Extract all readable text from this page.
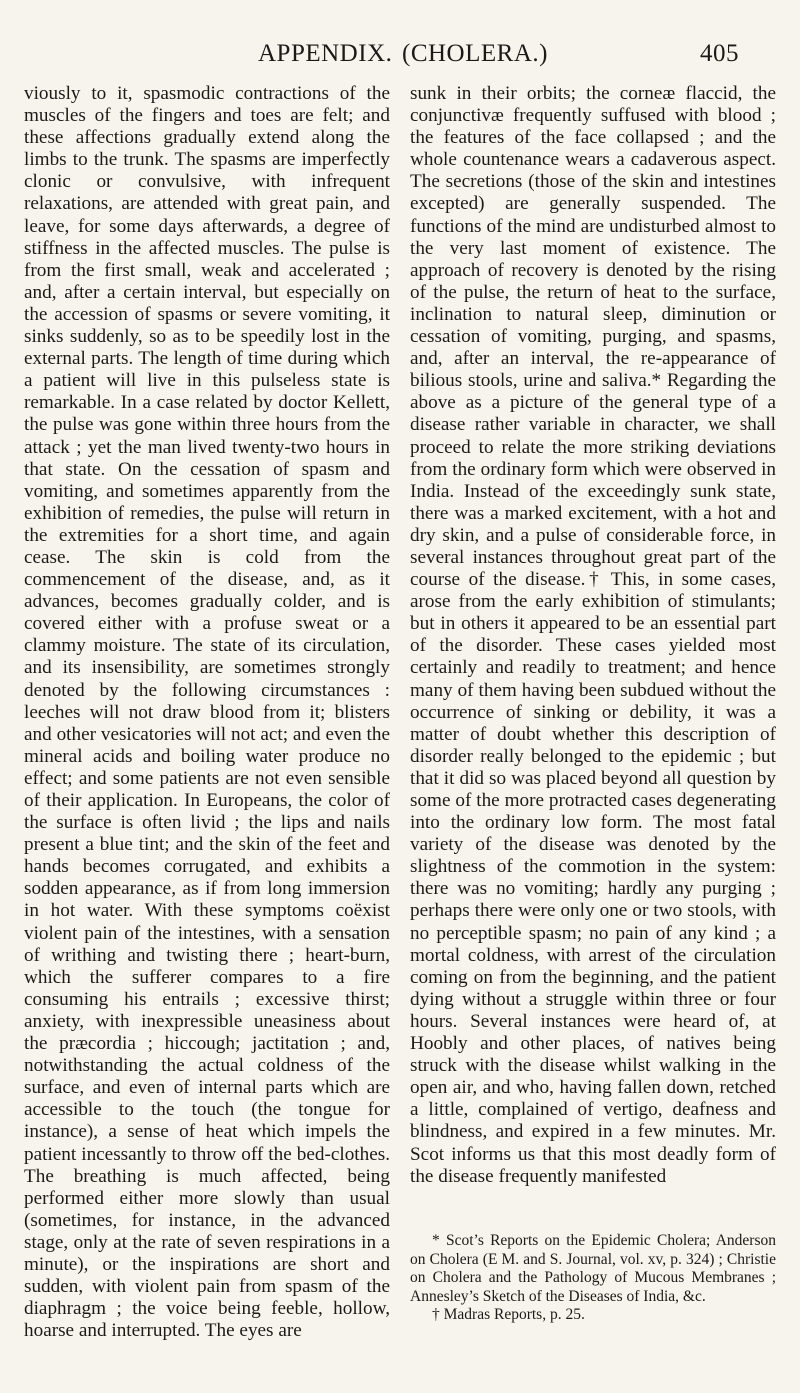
APPENDIX. (CHOLERA.)	405

viously to it, spasmodic contractions of the muscles of the fingers and toes are felt; and these affections gradually extend along the limbs to the trunk. The spasms are imperfectly clonic or convulsive, with infrequent relaxations, are attended with great pain, and leave, for some days afterwards, a degree of stiffness in the affected muscles. The pulse is from the first small, weak and accelerated ; and, after a certain interval, but especially on the accession of spasms or severe vomiting, it sinks suddenly, so as to be speedily lost in the external parts. The length of time during which a patient will live in this pulseless state is remarkable. In a case related by doctor Kellett, the pulse was gone within three hours from the attack ; yet the man lived twenty-two hours in that state. On the cessation of spasm and vomiting, and sometimes apparently from the exhibition of remedies, the pulse will return in the extremities for a short time, and again cease. The skin is cold from the commencement of the disease, and, as it advances, becomes gradually colder, and is covered either with a profuse sweat or a clammy moisture. The state of its circulation, and its insensibility, are sometimes strongly denoted by the following circumstances : leeches will not draw blood from it; blisters and other vesicatories will not act; and even the mineral acids and boiling water produce no effect; and some patients are not even sensible of their application. In Europeans, the color of the surface is often livid ; the lips and nails present a blue tint; and the skin of the feet and hands becomes corrugated, and exhibits a sodden appearance, as if from long immersion in hot water. With these symptoms coëxist violent pain of the intestines, with a sensation of writhing and twisting there ; heart-burn, which the sufferer compares to a fire consuming his entrails ; excessive thirst; anxiety, with inexpressible uneasiness about the præcordia ; hiccough; jactitation ; and, notwithstanding the actual coldness of the surface, and even of internal parts which are accessible to the touch (the tongue for instance), a sense of heat which impels the patient incessantly to throw off the bed-clothes. The breathing is much affected, being performed either more slowly than usual (sometimes, for instance, in the advanced stage, only at the rate of seven respirations in a minute), or the inspirations are short and sudden, with violent pain from spasm of the diaphragm ; the voice being feeble, hollow, hoarse and interrupted. The eyes are

sunk in their orbits; the corneæ flaccid, the conjunctivæ frequently suffused with blood ; the features of the face collapsed ; and the whole countenance wears a cadaverous aspect. The secretions (those of the skin and intestines excepted) are generally suspended. The functions of the mind are undisturbed almost to the very last moment of existence. The approach of recovery is denoted by the rising of the pulse, the return of heat to the surface, inclination to natural sleep, diminution or cessation of vomiting, purging, and spasms, and, after an interval, the re-appearance of bilious stools, urine and saliva.* Regarding the above as a picture of the general type of a disease rather variable in character, we shall proceed to relate the more striking deviations from the ordinary form which were observed in India. Instead of the exceedingly sunk state, there was a marked excitement, with a hot and dry skin, and a pulse of considerable force, in several instances throughout great part of the course of the disease.† This, in some cases, arose from the early exhibition of stimulants; but in others it appeared to be an essential part of the disorder. These cases yielded most certainly and readily to treatment; and hence many of them having been subdued without the occurrence of sinking or debility, it was a matter of doubt whether this description of disorder really belonged to the epidemic ; but that it did so was placed beyond all question by some of the more protracted cases degenerating into the ordinary low form. The most fatal variety of the disease was denoted by the slightness of the commotion in the system: there was no vomiting; hardly any purging ; perhaps there were only one or two stools, with no perceptible spasm; no pain of any kind ; a mortal coldness, with arrest of the circulation coming on from the beginning, and the patient dying without a struggle within three or four hours. Several instances were heard of, at Hoobly and other places, of natives being struck with the disease whilst walking in the open air, and who, having fallen down, retched a little, complained of vertigo, deafness and blindness, and expired in a few minutes. Mr. Scot informs us that this most deadly form of the disease frequently manifested

* Scot’s Reports on the Epidemic Cholera; Anderson on Cholera (E M. and S. Journal, vol. xv, p. 324) ; Christie on Cholera and the Pathology of Mucous Membranes ; Annesley’s Sketch of the Diseases of India, &c.

† Madras Reports, p. 25.
